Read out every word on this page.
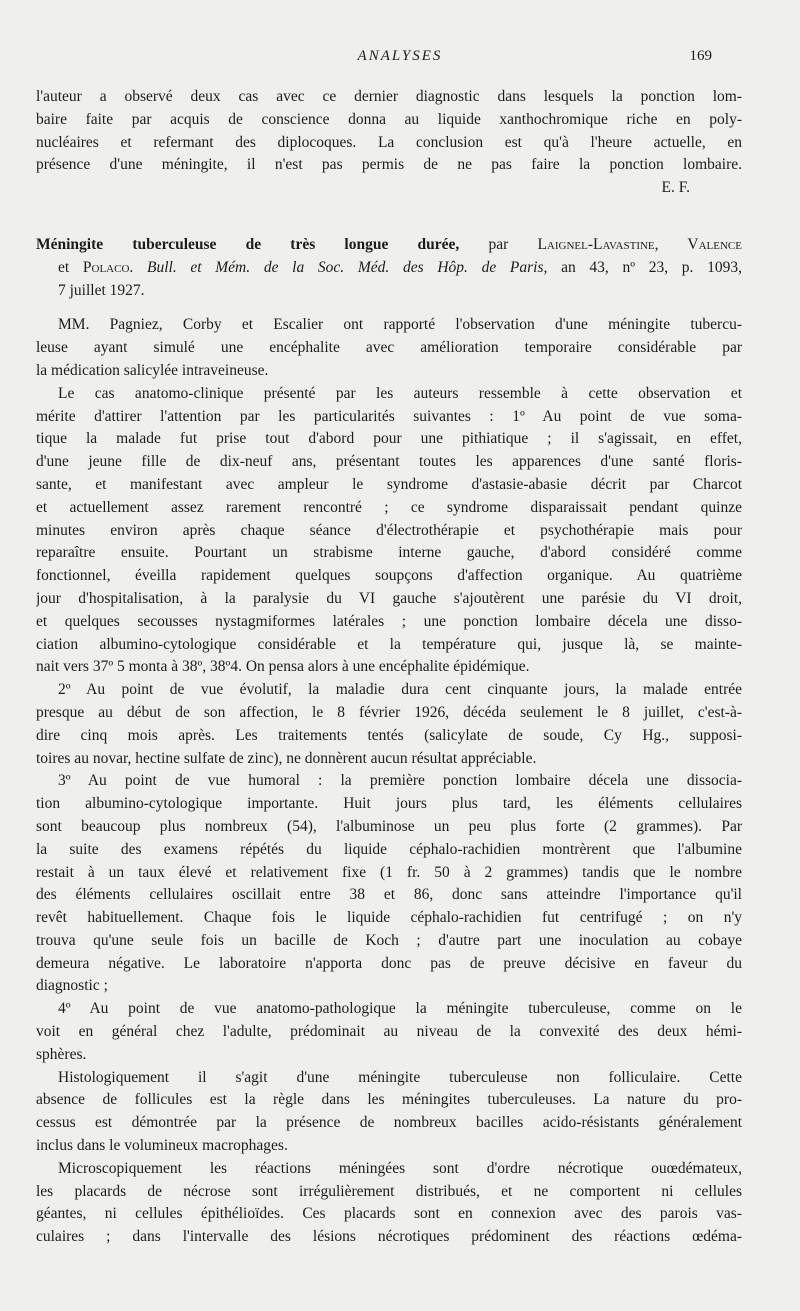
ANALYSES	169
l'auteur a observé deux cas avec ce dernier diagnostic dans lesquels la ponction lom-
baire faite par acquis de conscience donna au liquide xanthochromique riche en poly-
nucléaires et refermant des diplocoques. La conclusion est qu'à l'heure actuelle, en
présence d'une méningite, il n'est pas permis de ne pas faire la ponction lombaire.
E. F.
Méningite tuberculeuse de très longue durée, par Laignel-Lavastine, Valence
et Polaco. Bull. et Mém. de la Soc. Méd. des Hôp. de Paris, an 43, nº 23, p. 1093,
7 juillet 1927.
MM. Pagniez, Corby et Escalier ont rapporté l'observation d'une méningite tubercu-
leuse ayant simulé une encéphalite avec amélioration temporaire considérable par
la médication salicylée intraveineuse.
Le cas anatomo-clinique présenté par les auteurs ressemble à cette observation et
mérite d'attirer l'attention par les particularités suivantes : 1º Au point de vue soma-
tique la malade fut prise tout d'abord pour une pithiatique ; il s'agissait, en effet,
d'une jeune fille de dix-neuf ans, présentant toutes les apparences d'une santé floris-
sante, et manifestant avec ampleur le syndrome d'astasie-abasie décrit par Charcot
et actuellement assez rarement rencontré ; ce syndrome disparaissait pendant quinze
minutes environ après chaque séance d'électrothérapie et psychothérapie mais pour
reparaître ensuite. Pourtant un strabisme interne gauche, d'abord considéré comme
fonctionnel, éveilla rapidement quelques soupçons d'affection organique. Au quatrième
jour d'hospitalisation, à la paralysie du VI gauche s'ajoutèrent une parésie du VI droit,
et quelques secousses nystagmiformes latérales ; une ponction lombaire décela une disso-
ciation albumino-cytologique considérable et la température qui, jusque là, se mainte-
nait vers 37º 5 monta à 38º, 38º4. On pensa alors à une encéphalite épidémique.
2º Au point de vue évolutif, la maladie dura cent cinquante jours, la malade entrée
presque au début de son affection, le 8 février 1926, décéda seulement le 8 juillet, c'est-à-
dire cinq mois après. Les traitements tentés (salicylate de soude, Cy Hg., supposi-
toires au novar, hectine sulfate de zinc), ne donnèrent aucun résultat appréciable.
3º Au point de vue humoral : la première ponction lombaire décela une dissocia-
tion albumino-cytologique importante. Huit jours plus tard, les éléments cellulaires
sont beaucoup plus nombreux (54), l'albuminose un peu plus forte (2 grammes). Par
la suite des examens répétés du liquide céphalo-rachidien montrèrent que l'albumine
restait à un taux élevé et relativement fixe (1 fr. 50 à 2 grammes) tandis que le nombre
des éléments cellulaires oscillait entre 38 et 86, donc sans atteindre l'importance qu'il
revêt habituellement. Chaque fois le liquide céphalo-rachidien fut centrifugé ; on n'y
trouva qu'une seule fois un bacille de Koch ; d'autre part une inoculation au cobaye
demeura négative. Le laboratoire n'apporta donc pas de preuve décisive en faveur du
diagnostic ;
4º Au point de vue anatomo-pathologique la méningite tuberculeuse, comme on le
voit en général chez l'adulte, prédominait au niveau de la convexité des deux hémi-
sphères.
Histologiquement il s'agit d'une méningite tuberculeuse non folliculaire. Cette
absence de follicules est la règle dans les méningites tuberculeuses. La nature du pro-
cessus est démontrée par la présence de nombreux bacilles acido-résistants généralement
inclus dans le volumineux macrophages.
Microscopiquement les réactions méningées sont d'ordre nécrotique ouœdémateux,
les placards de nécrose sont irrégulièrement distribués, et ne comportent ni cellules
géantes, ni cellules épithélioïdes. Ces placards sont en connexion avec des parois vas-
culaires ; dans l'intervalle des lésions nécrotiques prédominent des réactions œdéma-
